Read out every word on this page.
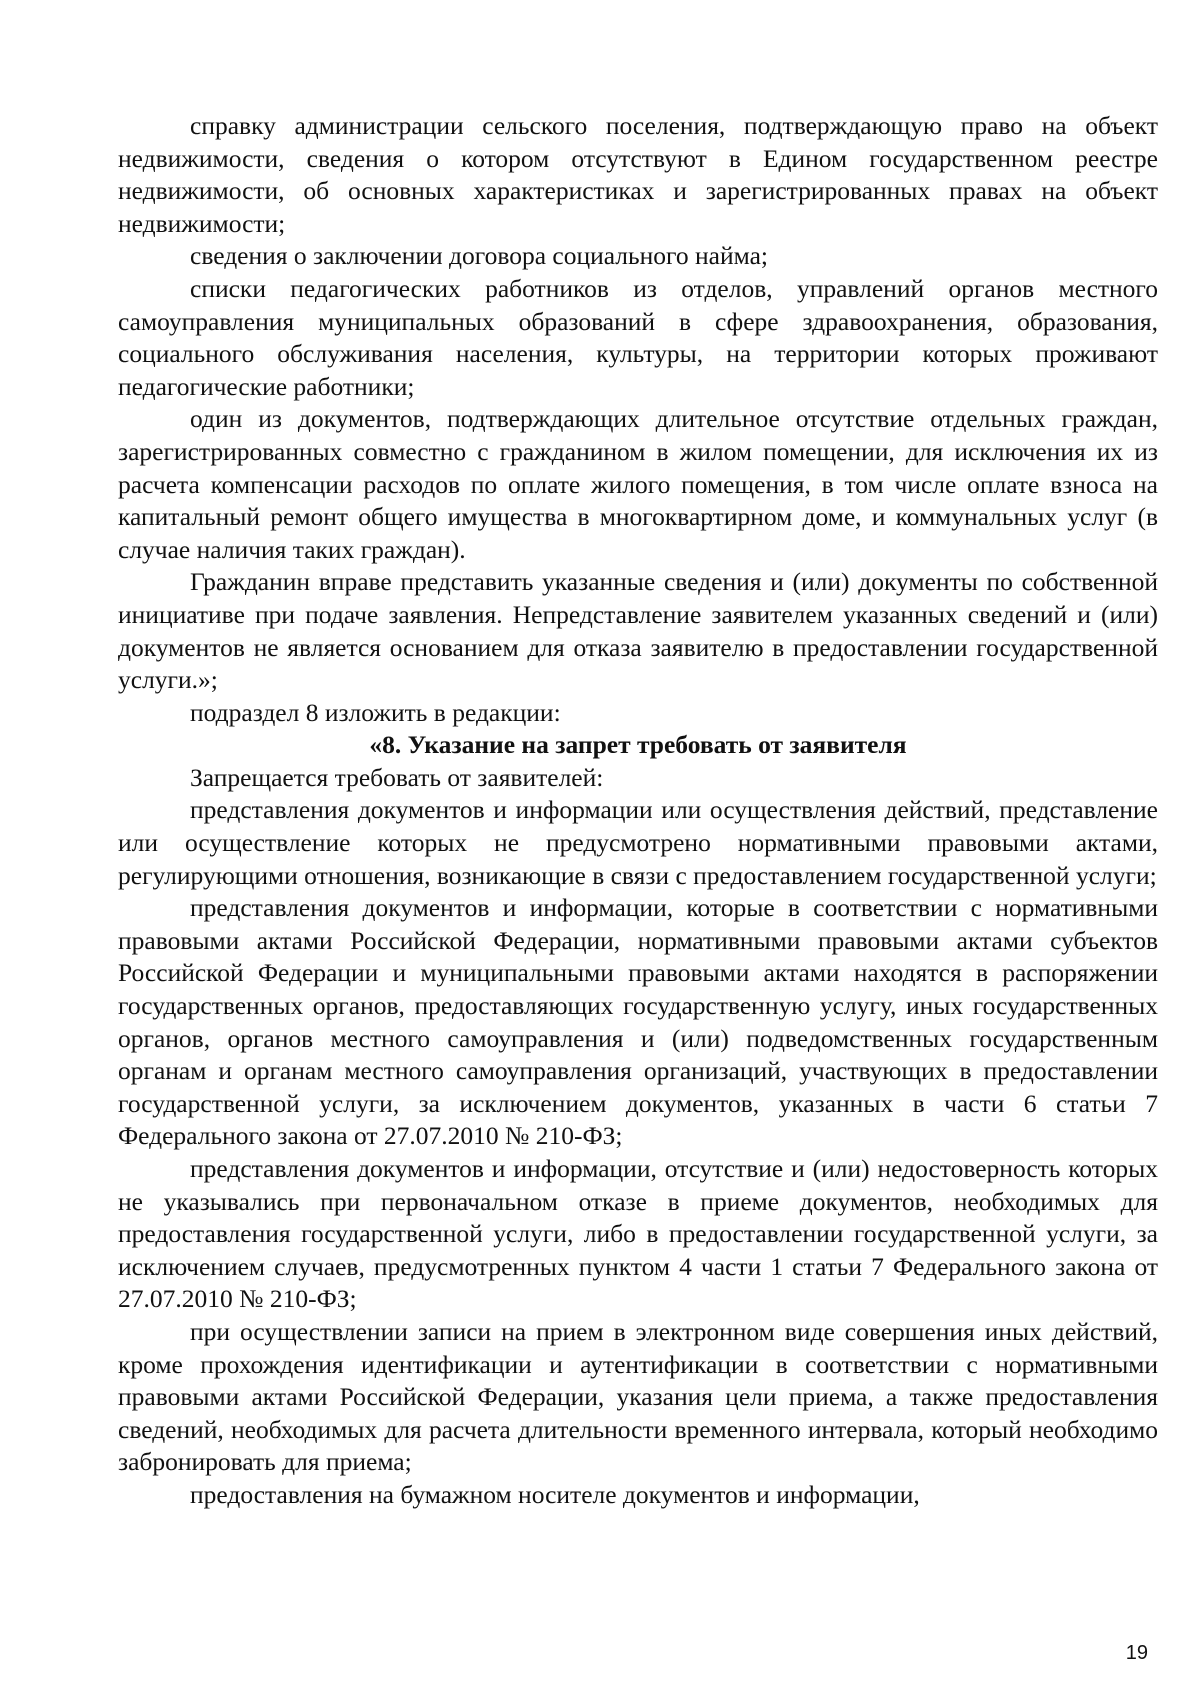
справку администрации сельского поселения, подтверждающую право на объект недвижимости, сведения о котором отсутствуют в Едином государственном реестре недвижимости, об основных характеристиках и зарегистрированных правах на объект недвижимости;

сведения о заключении договора социального найма;

списки педагогических работников из отделов, управлений органов местного самоуправления муниципальных образований в сфере здравоохранения, образования, социального обслуживания населения, культуры, на территории которых проживают педагогические работники;

один из документов, подтверждающих длительное отсутствие отдельных граждан, зарегистрированных совместно с гражданином в жилом помещении, для исключения их из расчета компенсации расходов по оплате жилого помещения, в том числе оплате взноса на капитальный ремонт общего имущества в многоквартирном доме, и коммунальных услуг (в случае наличия таких граждан).

Гражданин вправе представить указанные сведения и (или) документы по собственной инициативе при подаче заявления. Непредставление заявителем указанных сведений и (или) документов не является основанием для отказа заявителю в предоставлении государственной услуги.»;

подраздел 8 изложить в редакции:

«8. Указание на запрет требовать от заявителя

Запрещается требовать от заявителей:

представления документов и информации или осуществления действий, представление или осуществление которых не предусмотрено нормативными правовыми актами, регулирующими отношения, возникающие в связи с предоставлением государственной услуги;

представления документов и информации, которые в соответствии с нормативными правовыми актами Российской Федерации, нормативными правовыми актами субъектов Российской Федерации и муниципальными правовыми актами находятся в распоряжении государственных органов, предоставляющих государственную услугу, иных государственных органов, органов местного самоуправления и (или) подведомственных государственным органам и органам местного самоуправления организаций, участвующих в предоставлении государственной услуги, за исключением документов, указанных в части 6 статьи 7 Федерального закона от 27.07.2010 № 210-ФЗ;

представления документов и информации, отсутствие и (или) недостоверность которых не указывались при первоначальном отказе в приеме документов, необходимых для предоставления государственной услуги, либо в предоставлении государственной услуги, за исключением случаев, предусмотренных пунктом 4 части 1 статьи 7 Федерального закона от 27.07.2010 № 210-ФЗ;

при осуществлении записи на прием в электронном виде совершения иных действий, кроме прохождения идентификации и аутентификации в соответствии с нормативными правовыми актами Российской Федерации, указания цели приема, а также предоставления сведений, необходимых для расчета длительности временного интервала, который необходимо забронировать для приема;

предоставления на бумажном носителе документов и информации,

19
